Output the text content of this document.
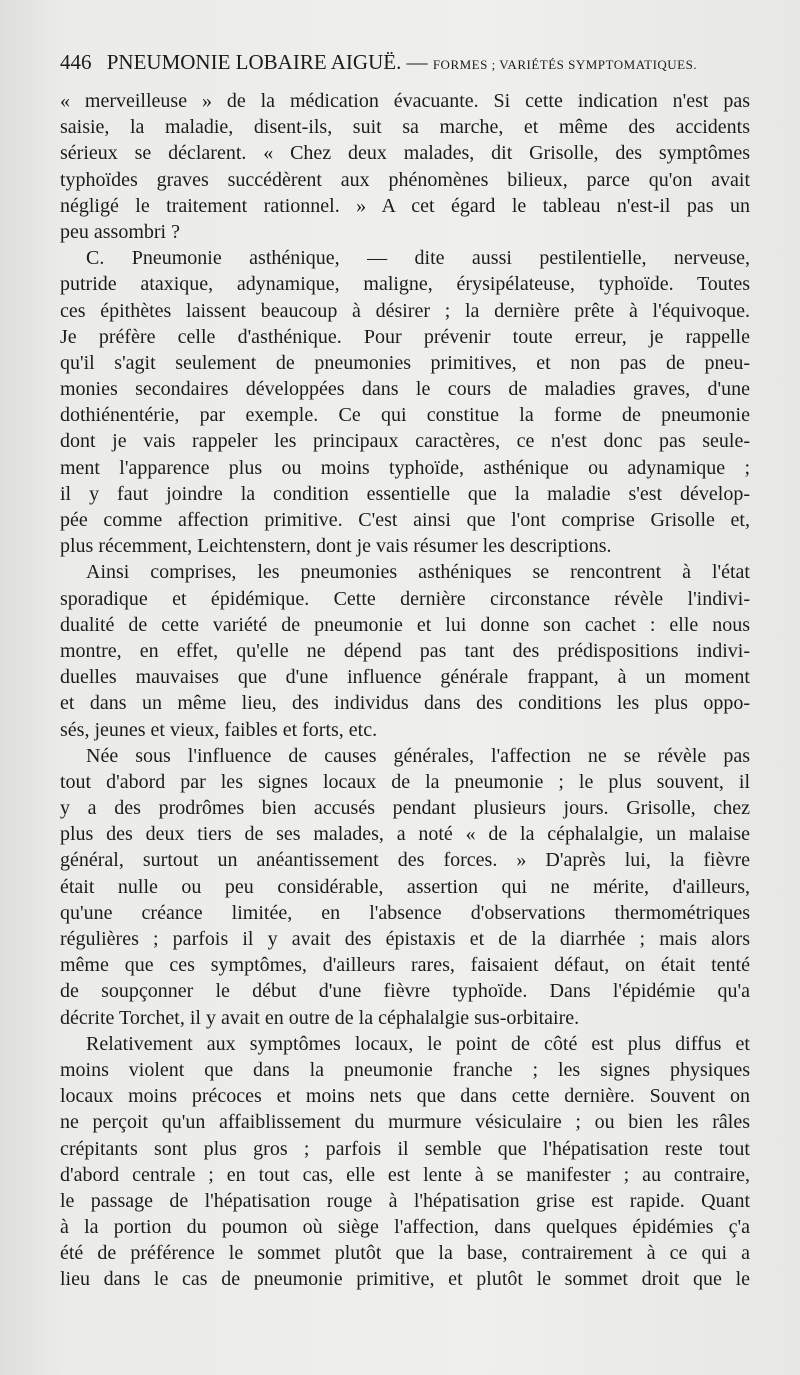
446 PNEUMONIE LOBAIRE AIGUË. — FORMES ; VARIÉTÉS SYMPTOMATIQUES.
« merveilleuse » de la médication évacuante. Si cette indication n'est pas
saisie, la maladie, disent-ils, suit sa marche, et même des accidents
sérieux se déclarent. « Chez deux malades, dit Grisolle, des symptômes
typhoïdes graves succédèrent aux phénomènes bilieux, parce qu'on avait
négligé le traitement rationnel. » A cet égard le tableau n'est-il pas un
peu assombri ?
C. Pneumonie asthénique, — dite aussi pestilentielle, nerveuse,
putride ataxique, adynamique, maligne, érysipélateuse, typhoïde. Toutes
ces épithètes laissent beaucoup à désirer ; la dernière prête à l'équivoque.
Je préfère celle d'asthénique. Pour prévenir toute erreur, je rappelle
qu'il s'agit seulement de pneumonies primitives, et non pas de pneu-
monies secondaires développées dans le cours de maladies graves, d'une
dothiénentérie, par exemple. Ce qui constitue la forme de pneumonie
dont je vais rappeler les principaux caractères, ce n'est donc pas seule-
ment l'apparence plus ou moins typhoïde, asthénique ou adynamique ;
il y faut joindre la condition essentielle que la maladie s'est dévelop-
pée comme affection primitive. C'est ainsi que l'ont comprise Grisolle et,
plus récemment, Leichtenstern, dont je vais résumer les descriptions.
Ainsi comprises, les pneumonies asthéniques se rencontrent à l'état
sporadique et épidémique. Cette dernière circonstance révèle l'indivi-
dualité de cette variété de pneumonie et lui donne son cachet : elle nous
montre, en effet, qu'elle ne dépend pas tant des prédispositions indivi-
duelles mauvaises que d'une influence générale frappant, à un moment
et dans un même lieu, des individus dans des conditions les plus oppo-
sés, jeunes et vieux, faibles et forts, etc.
Née sous l'influence de causes générales, l'affection ne se révèle pas
tout d'abord par les signes locaux de la pneumonie ; le plus souvent, il
y a des prodrômes bien accusés pendant plusieurs jours. Grisolle, chez
plus des deux tiers de ses malades, a noté « de la céphalalgie, un malaise
général, surtout un anéantissement des forces. » D'après lui, la fièvre
était nulle ou peu considérable, assertion qui ne mérite, d'ailleurs,
qu'une créance limitée, en l'absence d'observations thermométriques
régulières ; parfois il y avait des épistaxis et de la diarrhée ; mais alors
même que ces symptômes, d'ailleurs rares, faisaient défaut, on était tenté
de soupçonner le début d'une fièvre typhoïde. Dans l'épidémie qu'a
décrite Torchet, il y avait en outre de la céphalalgie sus-orbitaire.
Relativement aux symptômes locaux, le point de côté est plus diffus et
moins violent que dans la pneumonie franche ; les signes physiques
locaux moins précoces et moins nets que dans cette dernière. Souvent on
ne perçoit qu'un affaiblissement du murmure vésiculaire ; ou bien les râles
crépitants sont plus gros ; parfois il semble que l'hépatisation reste tout
d'abord centrale ; en tout cas, elle est lente à se manifester ; au contraire,
le passage de l'hépatisation rouge à l'hépatisation grise est rapide. Quant
à la portion du poumon où siège l'affection, dans quelques épidémies ç'a
été de préférence le sommet plutôt que la base, contrairement à ce qui a
lieu dans le cas de pneumonie primitive, et plutôt le sommet droit que le
